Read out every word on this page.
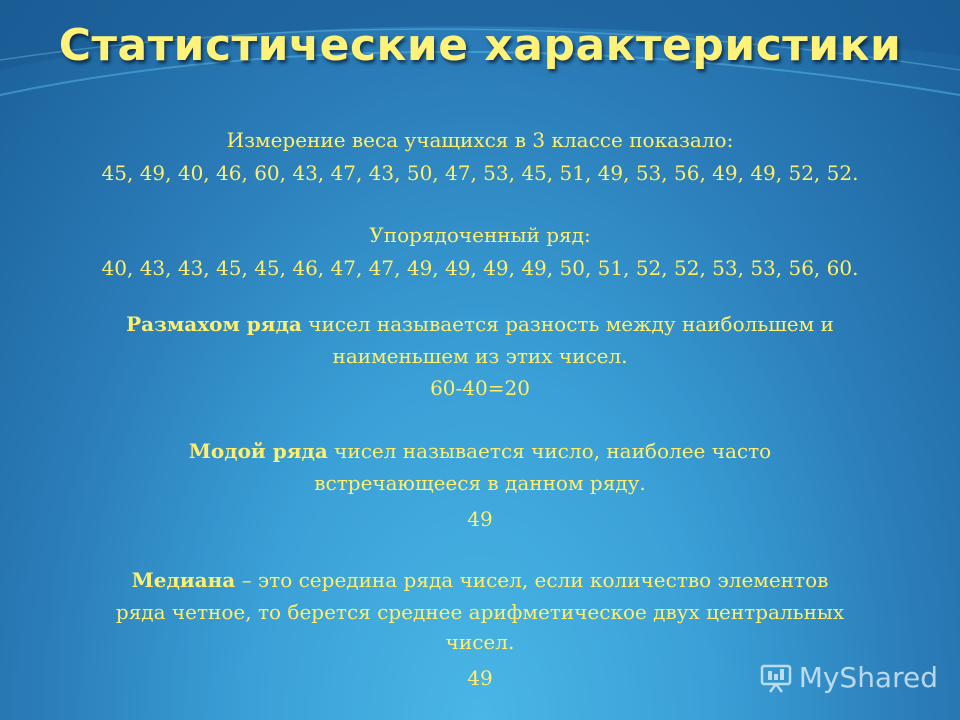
Статистические характеристики
Измерение веса учащихся в 3 классе показало:
45, 49, 40, 46, 60, 43, 47, 43, 50, 47, 53, 45, 51, 49, 53, 56, 49, 49, 52, 52.
Упорядоченный ряд:
40, 43, 43, 45, 45, 46, 47, 47, 49, 49, 49, 49, 50, 51, 52, 52, 53, 53, 56, 60.
Размахом ряда чисел называется разность между наибольшем и
наименьшем из этих чисел.
60-40=20
Модой ряда чисел называется число, наиболее часто
встречающееся в данном ряду.
49
Медиана – это середина ряда чисел, если количество элементов
ряда четное, то берется среднее арифметическое двух центральных
чисел.
49	MyShared
